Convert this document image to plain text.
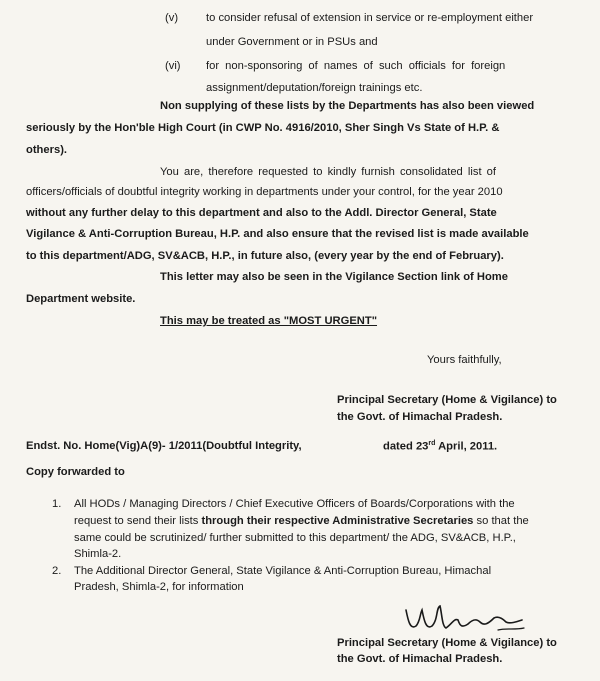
(v) to consider refusal of extension in service or re-employment either
under Government or in PSUs and
(vi) for non-sponsoring of names of such officials for foreign
assignment/deputation/foreign trainings etc.
Non supplying of these lists by the Departments has also been viewed
seriously by the Hon'ble High Court (in CWP No. 4916/2010, Sher Singh Vs State of H.P. &
others).
You are, therefore requested to kindly furnish consolidated list of
officers/officials of doubtful integrity working in departments under your control, for the year 2010
without any further delay to this department and also to the Addl. Director General, State
Vigilance & Anti-Corruption Bureau, H.P. and also ensure that the revised list is made available
to this department/ADG, SV&ACB, H.P., in future also, (every year by the end of February).
This letter may also be seen in the Vigilance Section link of Home
Department website.
This may be treated as "MOST URGENT"
Yours faithfully,
Principal Secretary (Home & Vigilance) to
the Govt. of Himachal Pradesh.
Endst. No. Home(Vig)A(9)- 1/2011(Doubtful Integrity,	dated 23rd April, 2011.
Copy forwarded to
1. All HODs / Managing Directors / Chief Executive Officers of Boards/Corporations with the
request to send their lists through their respective Administrative Secretaries so that the
same could be scrutinized/ further submitted to this department/ the ADG, SV&ACB, H.P.,
Shimla-2.
2. The Additional Director General, State Vigilance & Anti-Corruption Bureau, Himachal
Pradesh, Shimla-2, for information
Principal Secretary (Home & Vigilance) to
the Govt. of Himachal Pradesh.
